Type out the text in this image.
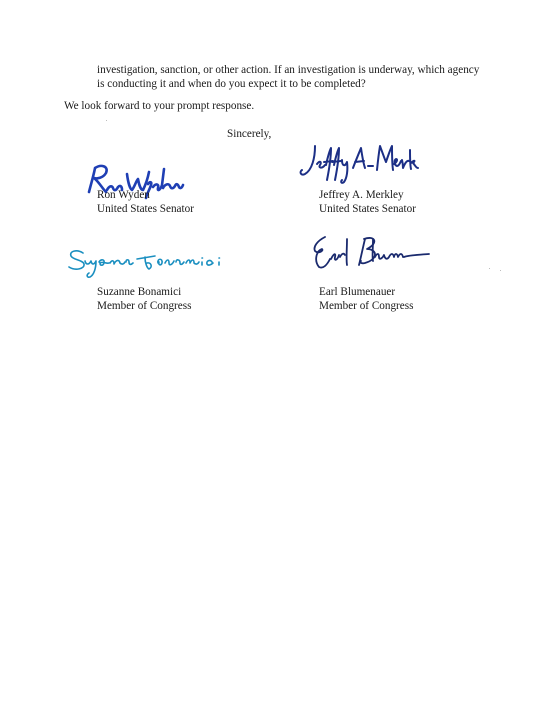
investigation, sanction, or other action. If an investigation is underway, which agency is conducting it and when do you expect it to be completed?

We look forward to your prompt response.

Sincerely,

Ron Wyden
United States Senator
Jeffrey A. Merkley
United States Senator
Suzanne Bonamici
Member of Congress
Earl Blumenauer
Member of Congress
